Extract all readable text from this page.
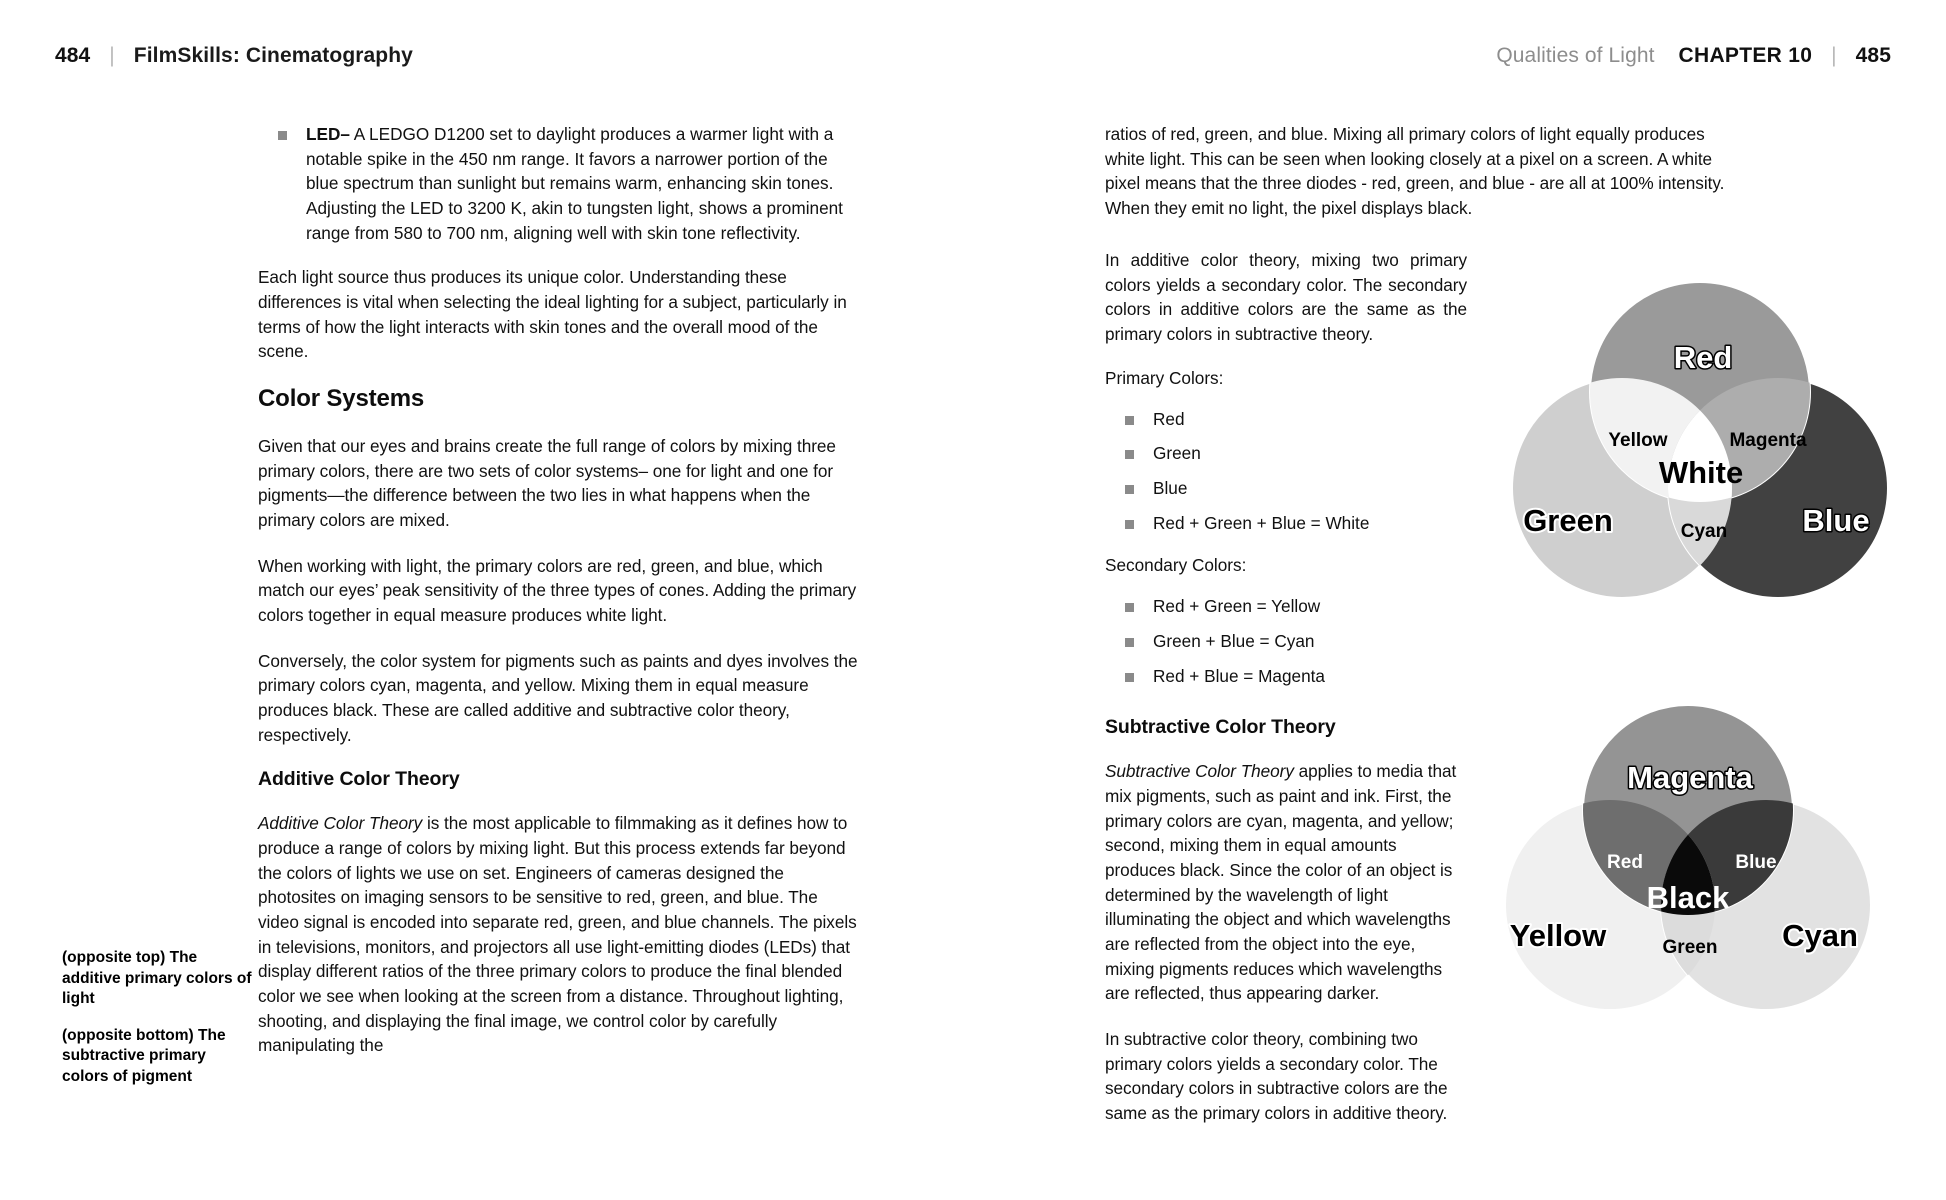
484 | FilmSkills: Cinematography	Qualities of Light CHAPTER 10 | 485
LED– A LEDGO D1200 set to daylight produces a warmer light with a notable spike in the 450 nm range. It favors a narrower portion of the blue spectrum than sunlight but remains warm, enhancing skin tones. Adjusting the LED to 3200 K, akin to tungsten light, shows a prominent range from 580 to 700 nm, aligning well with skin tone reflectivity.

Each light source thus produces its unique color. Understanding these differences is vital when selecting the ideal lighting for a subject, particularly in terms of how the light interacts with skin tones and the overall mood of the scene.

Color Systems

Given that our eyes and brains create the full range of colors by mixing three primary colors, there are two sets of color systems– one for light and one for pigments—the difference between the two lies in what happens when the primary colors are mixed.

When working with light, the primary colors are red, green, and blue, which match our eyes’ peak sensitivity of the three types of cones. Adding the primary colors together in equal measure produces white light.

Conversely, the color system for pigments such as paints and dyes involves the primary colors cyan, magenta, and yellow. Mixing them in equal measure produces black. These are called additive and subtractive color theory, respectively.

Additive Color Theory

Additive Color Theory is the most applicable to filmmaking as it defines how to produce a range of colors by mixing light. But this process extends far beyond the colors of lights we use on set. Engineers of cameras designed the photosites on imaging sensors to be sensitive to red, green, and blue. The video signal is encoded into separate red, green, and blue channels. The pixels in televisions, monitors, and projectors all use light-emitting diodes (LEDs) that display different ratios of the three primary colors to produce the final blended color we see when looking at the screen from a distance. Throughout lighting, shooting, and displaying the final image, we control color by carefully manipulating the

(opposite top) The additive primary colors of light

(opposite bottom) The subtractive primary colors of pigment

ratios of red, green, and blue. Mixing all primary colors of light equally produces white light. This can be seen when looking closely at a pixel on a screen. A white pixel means that the three diodes - red, green, and blue - are all at 100% intensity. When they emit no light, the pixel displays black.

In additive color theory, mixing two primary colors yields a secondary color. The secondary colors in additive colors are the same as the primary colors in subtractive theory.

Primary Colors:
Red
Green
Blue
Red + Green + Blue = White
Secondary Colors:
Red + Green = Yellow
Green + Blue = Cyan
Red + Blue = Magenta
Subtractive Color Theory

Subtractive Color Theory applies to media that mix pigments, such as paint and ink. First, the primary colors are cyan, magenta, and yellow; second, mixing them in equal amounts produces black. Since the color of an object is determined by the wavelength of light illuminating the object and which wavelengths are reflected from the object into the eye, mixing pigments reduces which wavelengths are reflected, thus appearing darker.

In subtractive color theory, combining two primary colors yields a secondary color. The secondary colors in subtractive colors are the same as the primary colors in additive theory.

Red
Green	Blue
Yellow	Magenta
Cyan
White
Magenta
Yellow	Cyan
Red	Blue
Green
Black
